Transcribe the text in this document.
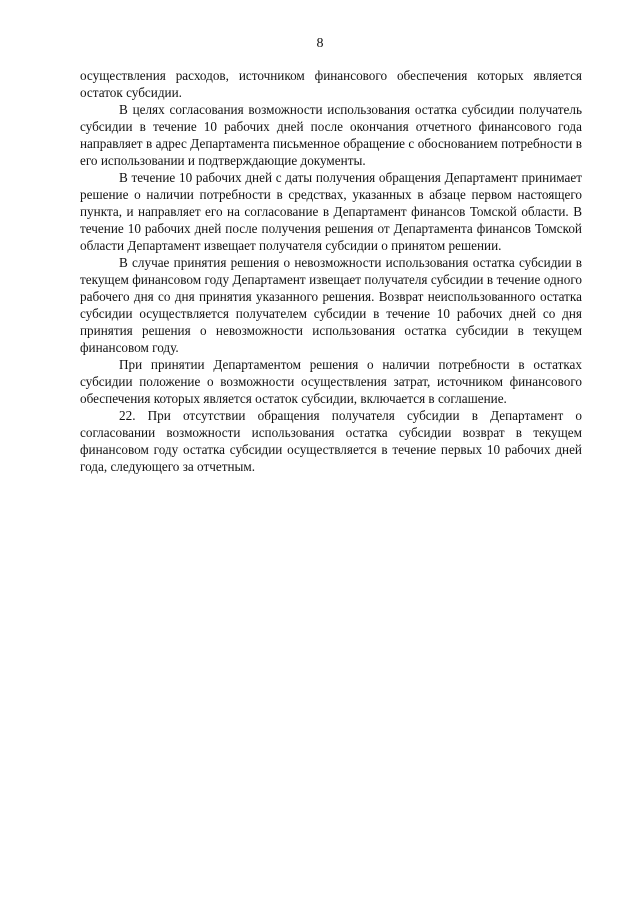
8

осуществления расходов, источником финансового обеспечения которых является остаток субсидии.

В целях согласования возможности использования остатка субсидии получатель субсидии в течение 10 рабочих дней после окончания отчетного финансового года направляет в адрес Департамента письменное обращение с обоснованием потребности в его использовании и подтверждающие документы.

В течение 10 рабочих дней с даты получения обращения Департамент принимает решение о наличии потребности в средствах, указанных в абзаце первом настоящего пункта, и направляет его на согласование в Департамент финансов Томской области. В течение 10 рабочих дней после получения решения от Департамента финансов Томской области Департамент извещает получателя субсидии о принятом решении.

В случае принятия решения о невозможности использования остатка субсидии в текущем финансовом году Департамент извещает получателя субсидии в течение одного рабочего дня со дня принятия указанного решения. Возврат неиспользованного остатка субсидии осуществляется получателем субсидии в течение 10 рабочих дней со дня принятия решения о невозможности использования остатка субсидии в текущем финансовом году.

При принятии Департаментом решения о наличии потребности в остатках субсидии положение о возможности осуществления затрат, источником финансового обеспечения которых является остаток субсидии, включается в соглашение.

22. При отсутствии обращения получателя субсидии в Департамент о согласовании возможности использования остатка субсидии возврат в текущем финансовом году остатка субсидии осуществляется в течение первых 10 рабочих дней года, следующего за отчетным.
